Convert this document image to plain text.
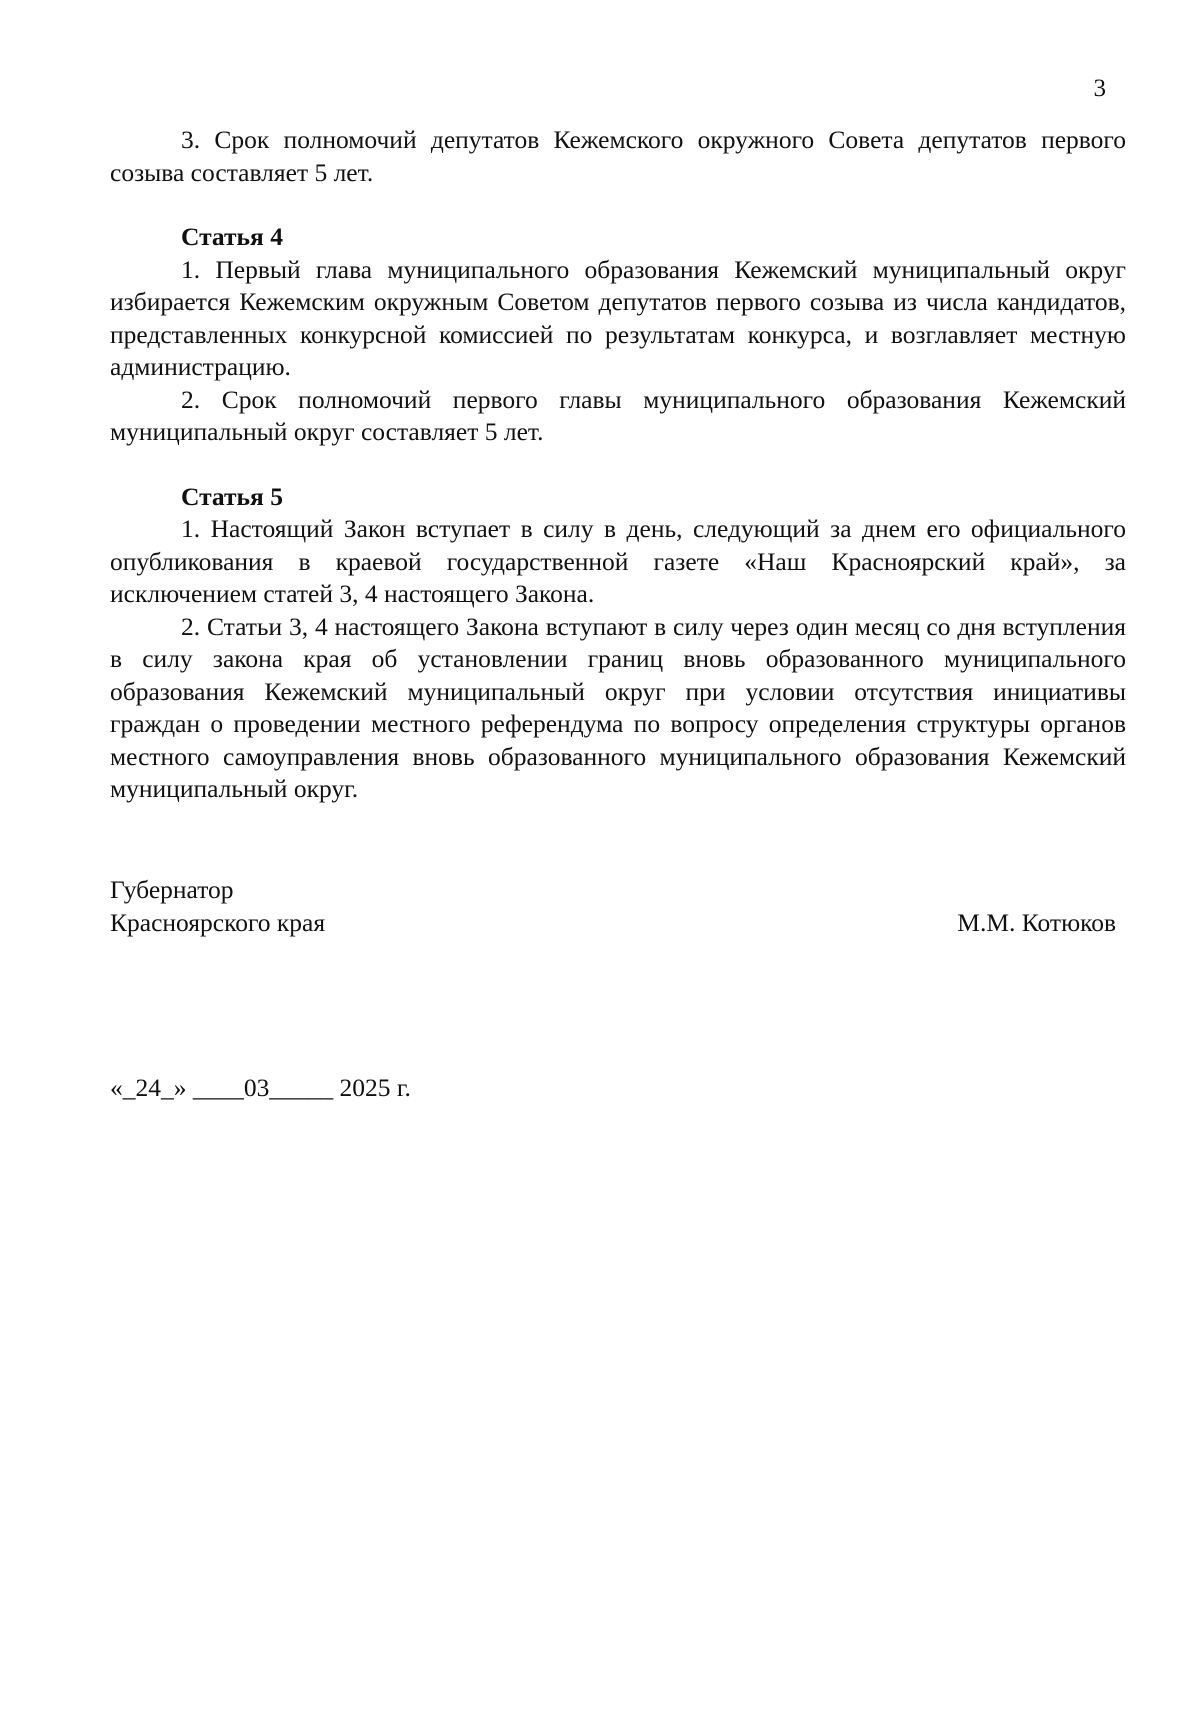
3

3. Срок полномочий депутатов Кежемского окружного Совета депутатов первого созыва составляет 5 лет.

Статья 4

1. Первый глава муниципального образования Кежемский муниципальный округ избирается Кежемским окружным Советом депутатов первого созыва из числа кандидатов, представленных конкурсной комиссией по результатам конкурса, и возглавляет местную администрацию.

2. Срок полномочий первого главы муниципального образования Кежемский муниципальный округ составляет 5 лет.

Статья 5

1. Настоящий Закон вступает в силу в день, следующий за днем его официального опубликования в краевой государственной газете «Наш Красноярский край», за исключением статей 3, 4 настоящего Закона.

2. Статьи 3, 4 настоящего Закона вступают в силу через один месяц со дня вступления в силу закона края об установлении границ вновь образованного муниципального образования Кежемский муниципальный округ при условии отсутствия инициативы граждан о проведении местного референдума по вопросу определения структуры органов местного самоуправления вновь образованного муниципального образования Кежемский муниципальный округ.

Губернатор
Красноярского края	М.М. Котюков
«_24_» ____03_____ 2025 г.
